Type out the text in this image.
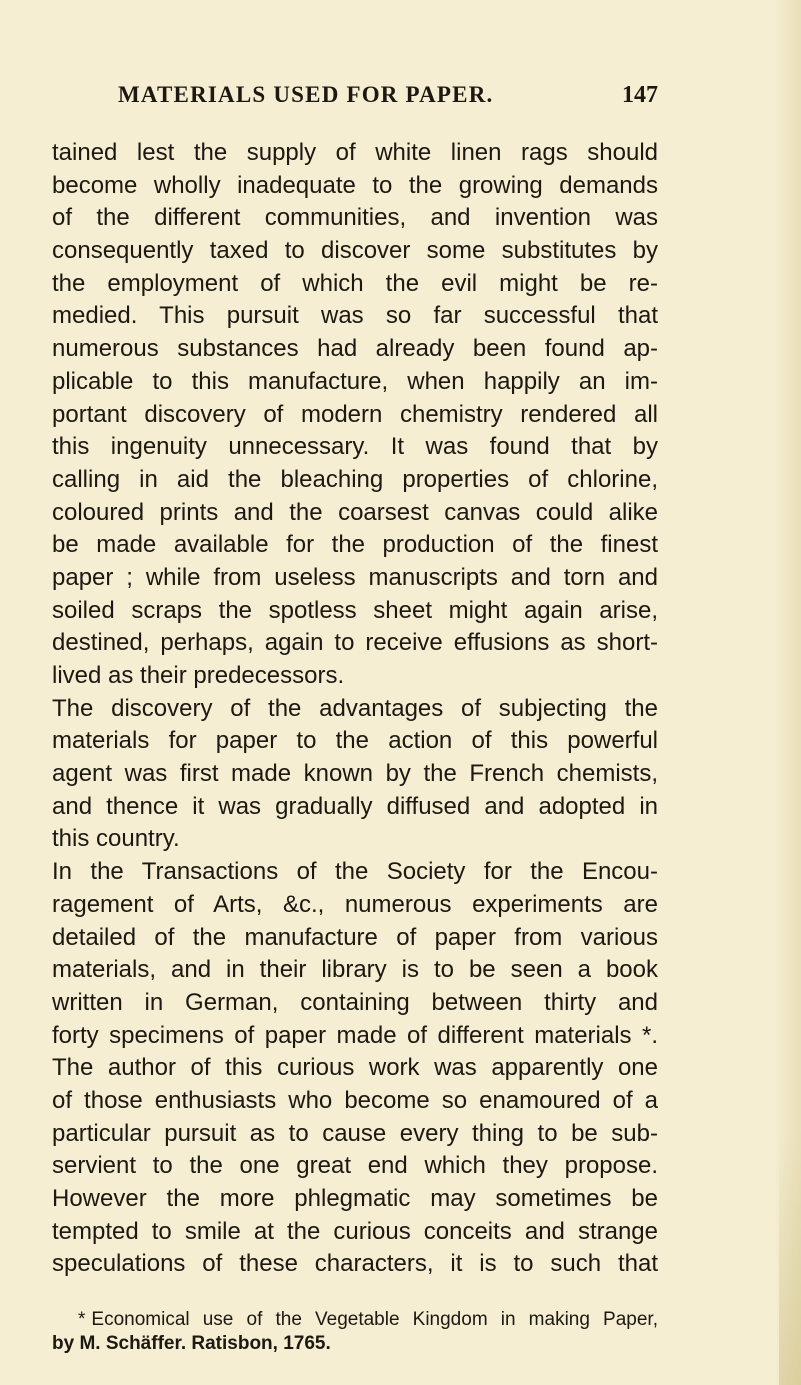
MATERIALS USED FOR PAPER.	147
tained lest the supply of white linen rags should
become wholly inadequate to the growing demands
of the different communities, and invention was
consequently taxed to discover some substitutes by
the employment of which the evil might be re-
medied. This pursuit was so far successful that
numerous substances had already been found ap-
plicable to this manufacture, when happily an im-
portant discovery of modern chemistry rendered all
this ingenuity unnecessary. It was found that by
calling in aid the bleaching properties of chlorine,
coloured prints and the coarsest canvas could alike
be made available for the production of the finest
paper ; while from useless manuscripts and torn and
soiled scraps the spotless sheet might again arise,
destined, perhaps, again to receive effusions as short-
lived as their predecessors.
The discovery of the advantages of subjecting the
materials for paper to the action of this powerful
agent was first made known by the French chemists,
and thence it was gradually diffused and adopted in
this country.
In the Transactions of the Society for the Encou-
ragement of Arts, &c., numerous experiments are
detailed of the manufacture of paper from various
materials, and in their library is to be seen a book
written in German, containing between thirty and
forty specimens of paper made of different materials *.
The author of this curious work was apparently one
of those enthusiasts who become so enamoured of a
particular pursuit as to cause every thing to be sub-
servient to the one great end which they propose.
However the more phlegmatic may sometimes be
tempted to smile at the curious conceits and strange
speculations of these characters, it is to such that
* Economical use of the Vegetable Kingdom in making Paper,
by M. Schäffer. Ratisbon, 1765.
